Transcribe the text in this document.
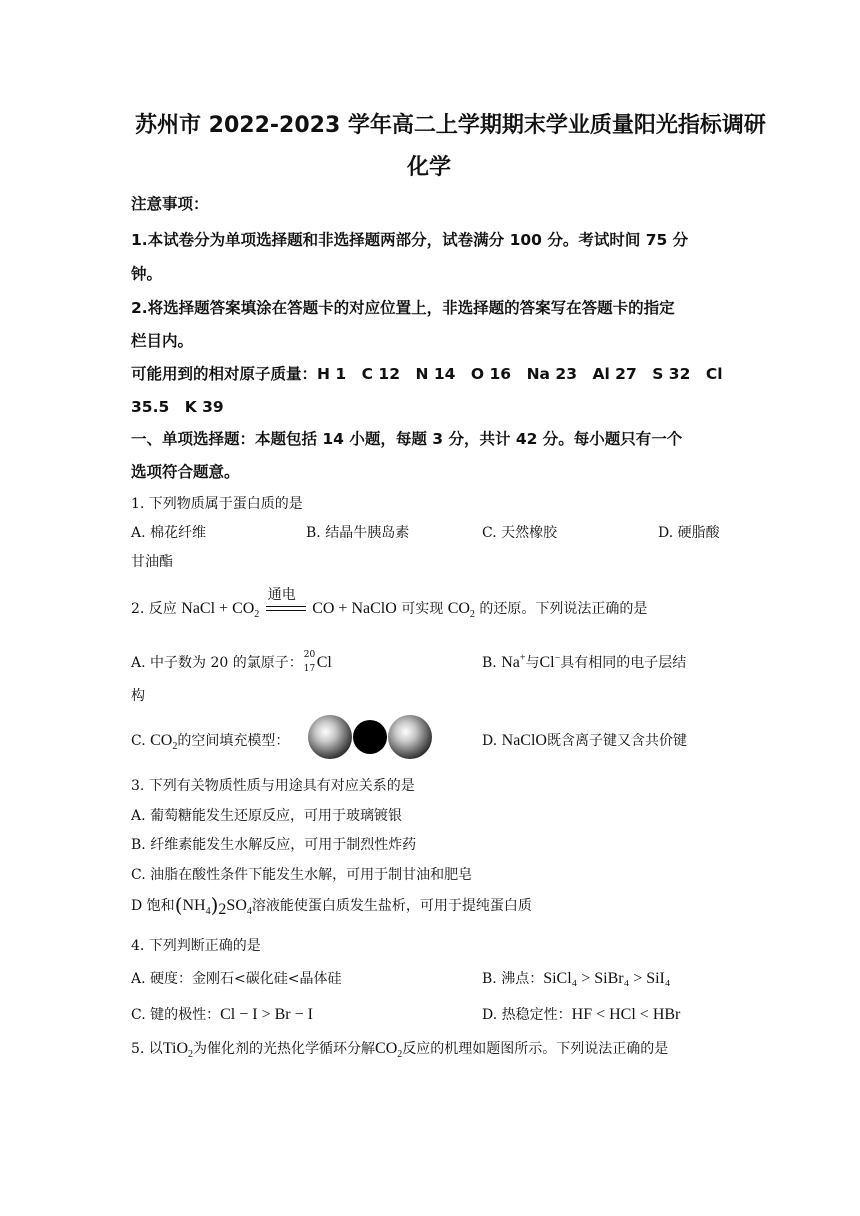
苏州市 2022-2023 学年高二上学期期末学业质量阳光指标调研
化学
注意事项：
1.本试卷分为单项选择题和非选择题两部分，试卷满分 100 分。考试时间 75 分
钟。
2.将选择题答案填涂在答题卡的对应位置上，非选择题的答案写在答题卡的指定
栏目内。
可能用到的相对原子质量：H 1　C 12　N 14　O 16　Na 23　Al 27　S 32　Cl
35.5　K 39
一、单项选择题：本题包括 14 小题，每题 3 分，共计 42 分。每小题只有一个
选项符合题意。
1. 下列物质属于蛋白质的是
A. 棉花纤维	B. 结晶牛胰岛素	C. 天然橡胶	D. 硬脂酸
甘油酯
2. 反应 NaCl + $CO_2$
通电
CO + NaClO 可实现 $CO_2$ 的还原。下列说法正确的是
A. 中子数为 20 的氯原子： 20
17 Cl	B. Na+与Cl−具有相同的电子层结
构
C. $CO_2$的空间填充模型：	D. NaClO既含离子键又含共价键
3. 下列有关物质性质与用途具有对应关系的是
A. 葡萄糖能发生还原反应，可用于玻璃镀银
B. 纤维素能发生水解反应，可用于制烈性炸药
C. 油脂在酸性条件下能发生水解，可用于制甘油和肥皂
D 饱和$(NH_4)_2SO_4$溶液能使蛋白质发生盐析，可用于提纯蛋白质
4. 下列判断正确的是
A. 硬度：金刚石<碳化硅<晶体硅	B. 沸点：SiCl₄ > SiBr₄ > SiI₄
C. 键的极性：Cl − I > Br − I	D. 热稳定性：HF < HCl < HBr
5. 以TiO$_2$为催化剂的光热化学循环分解$CO_2$反应的机理如题图所示。下列说法正确的是
